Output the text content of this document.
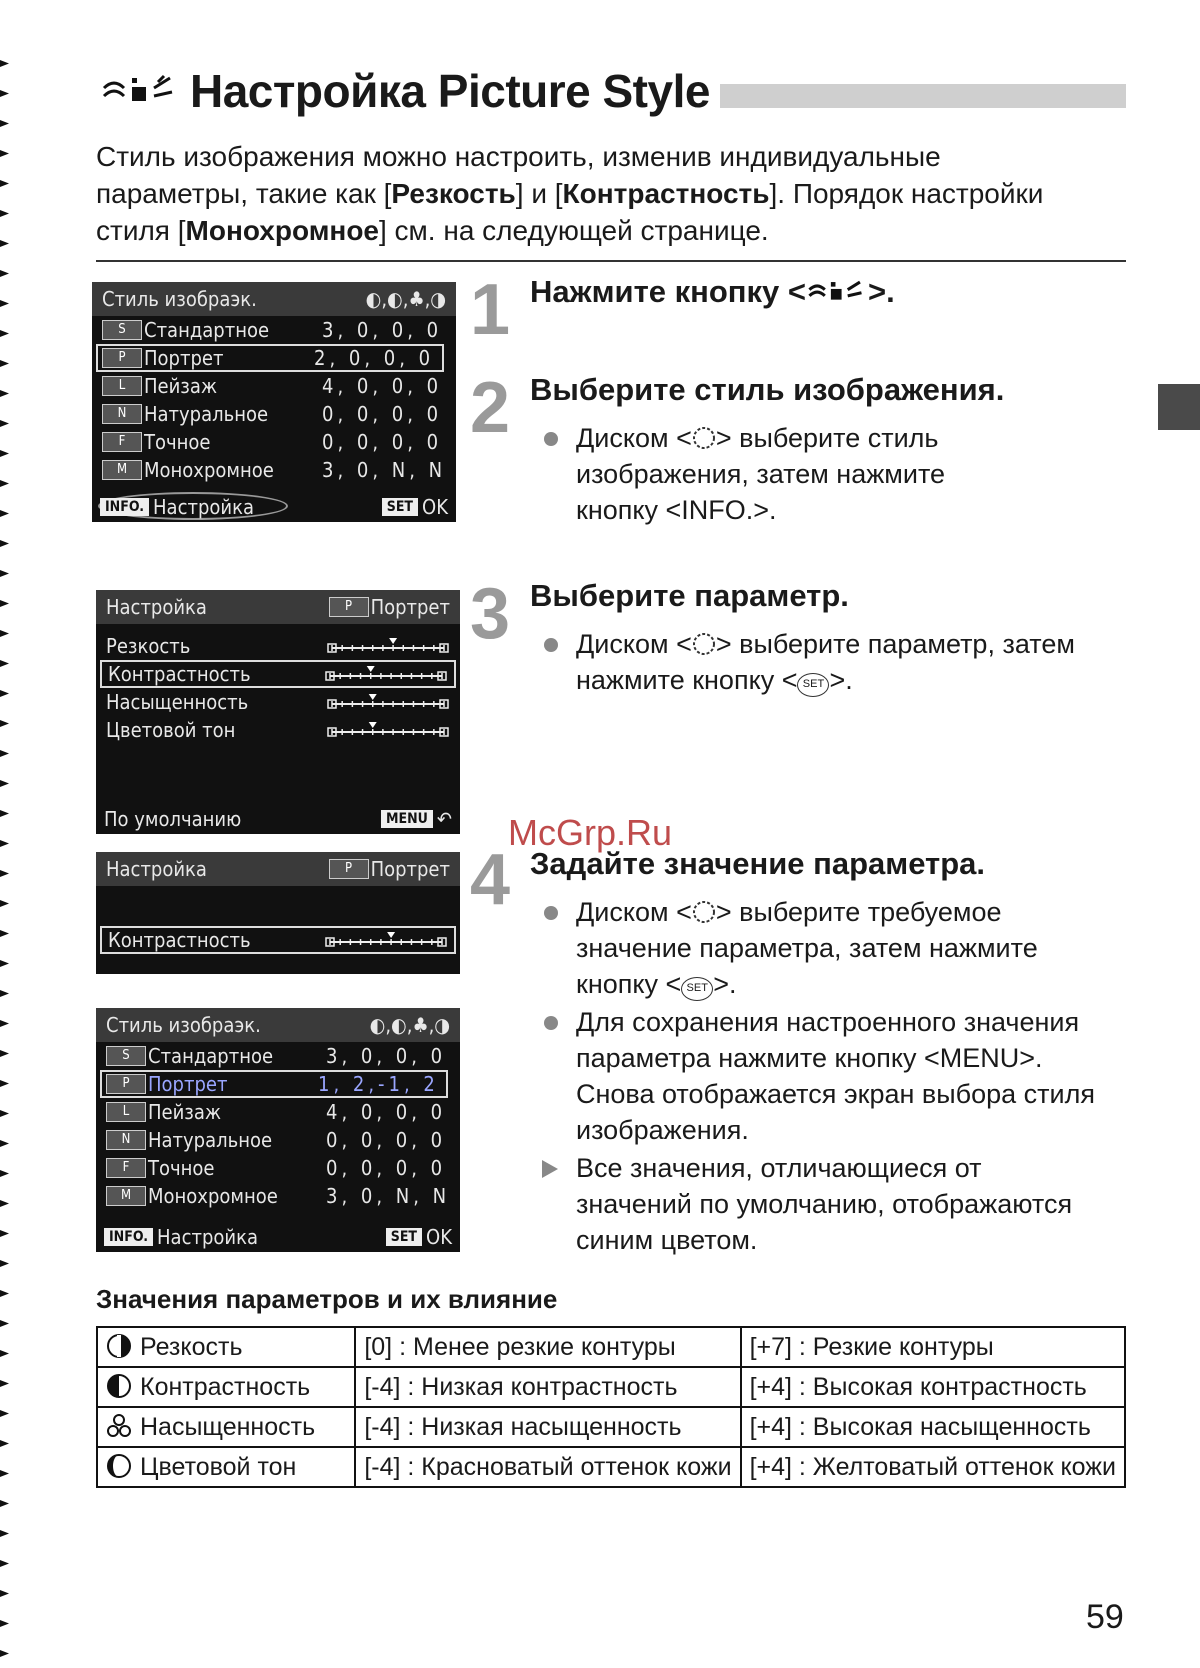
Настройка Picture Style
Стиль изображения можно настроить, изменив индивидуальные параметры, такие как [Резкость] и [Контрастность]. Порядок настройки стиля [Монохромное] см. на следующей странице.
Стиль изобраэк.	◐,◐,♣,◑
S Стандартное	3, 0, 0, 0
P Портрет	2, 0, 0, 0
L Пейзаж	4, 0, 0, 0
N Натуральное	0, 0, 0, 0
F Точное	0, 0, 0, 0
M Монохромное	3, 0, N, N
INFO. Настройка	SET OK
Настройка	P Портрет
Резкость
Контрастность
Насыщенность
Цветовой тон
По умолчанию	MENU ↶
Настройка	P Портрет
Контрастность
Стиль изобраэк.	◐,◐,♣,◑
S Стандартное	3, 0, 0, 0
P Портрет	1, 2,-1, 2
L Пейзаж	4, 0, 0, 0
N Натуральное	0, 0, 0, 0
F Точное	0, 0, 0, 0
M Монохромное	3, 0, N, N
INFO. Настройка	SET OK
1 Нажмите кнопку < >.
2 Выберите стиль изображения.
Диском < > выберите стиль изображения, затем нажмите кнопку <INFO.>.
3 Выберите параметр.
Диском < > выберите параметр, затем нажмите кнопку < SET >.
McGrp.Ru
4 Задайте значение параметра.
Диском < > выберите требуемое значение параметра, затем нажмите кнопку < SET >.
Для сохранения настроенного значения параметра нажмите кнопку <MENU>. Снова отображается экран выбора стиля изображения.
Все значения, отличающиеся от значений по умолчанию, отображаются синим цветом.
Значения параметров и их влияние
Резкость	[0] : Менее резкие контуры	[+7] : Резкие контуры
Контрастность	[-4] : Низкая контрастность	[+4] : Высокая контрастность
Насыщенность	[-4] : Низкая насыщенность	[+4] : Высокая насыщенность
Цветовой тон	[-4] : Красноватый оттенок кожи	[+4] : Желтоватый оттенок кожи
59
